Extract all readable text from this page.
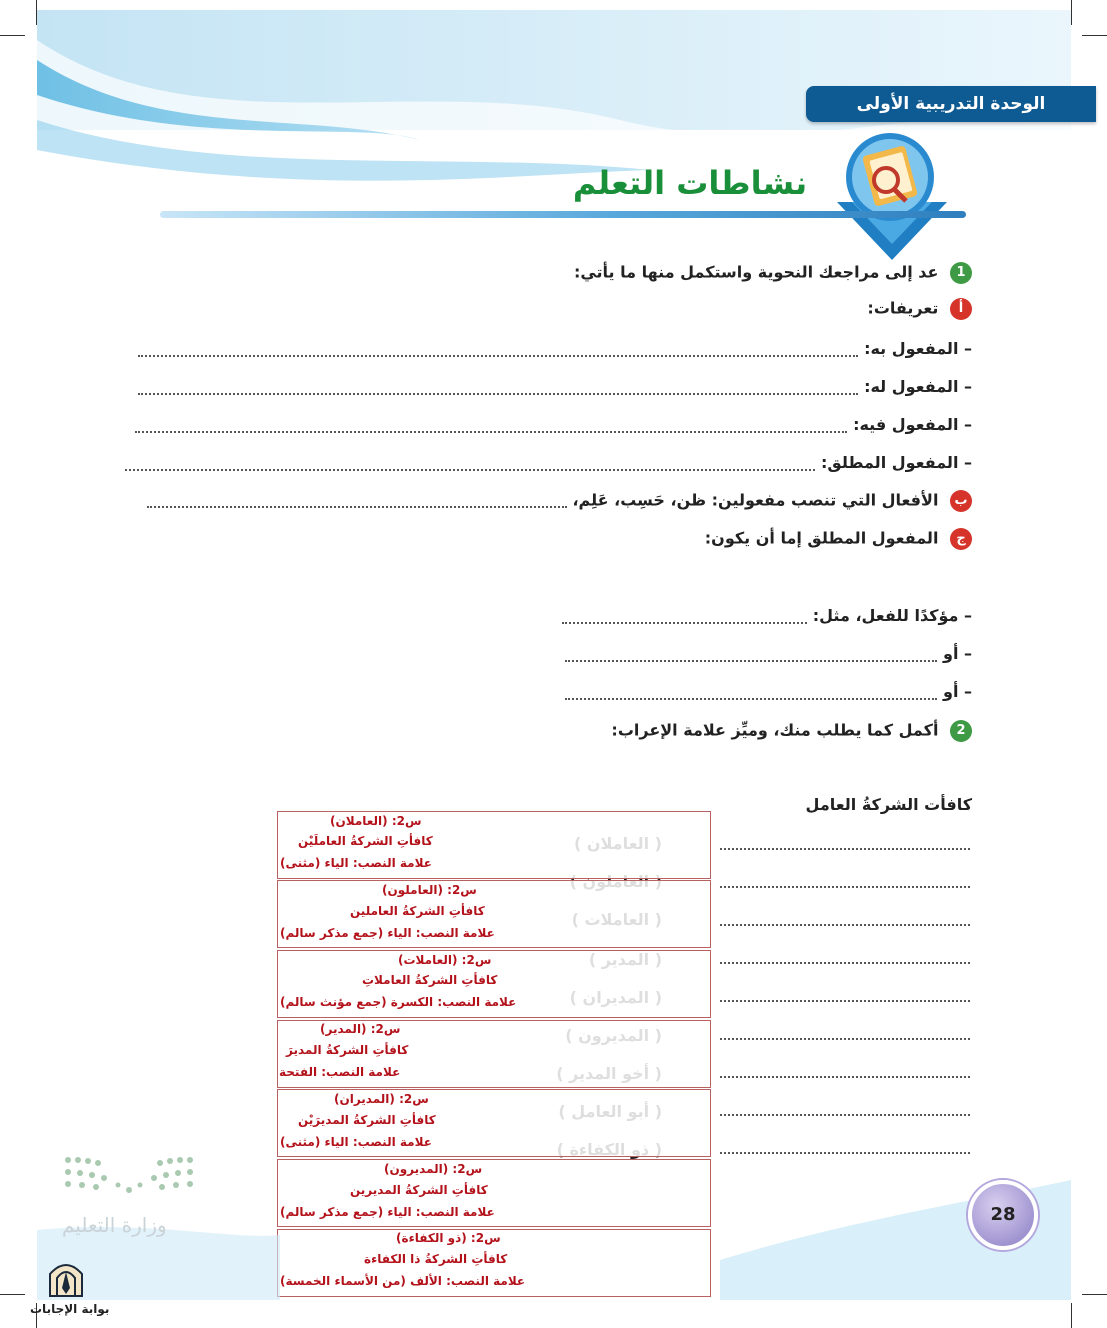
الوحدة التدريبية الأولى
نشاطات التعلم
1 عد إلى مراجعك النحوية واستكمل منها ما يأتي:
أ تعريفات:
– المفعول به:
– المفعول له:
– المفعول فيه:
– المفعول المطلق:
ب الأفعال التي تنصب مفعولين: ظن، حَسِب، عَلِم،
ج المفعول المطلق إما أن يكون:
– مؤكدًا للفعل، مثل:
– أو
– أو
2 أكمل كما يطلب منك، وميِّز علامة الإعراب:
كافأت الشركةُ العامل
س2: (العاملان)
كافأتِ الشركةُ العاملَيْن
علامة النصب: الياء (مثنى)
س2: (العاملون)
كافأتِ الشركةُ العاملين
علامة النصب: الياء (جمع مذكر سالم)
س2: (العاملات)
كافأتِ الشركةُ العاملاتِ
علامة النصب: الكسرة (جمع مؤنث سالم)
س2: (المدير)
كافأتِ الشركةُ المديرَ
علامة النصب: الفتحة
س2: (المديران)
كافأتِ الشركةُ المديرَيْن
علامة النصب: الياء (مثنى)
س2: (المديرون)
كافأتِ الشركةُ المديرين
علامة النصب: الياء (جمع مذكر سالم)
س2: (ذو الكفاءة)
كافأتِ الشركةُ ذا الكفاءة
علامة النصب: الألف (من الأسماء الخمسة)
وزارة التعليم	28
بوابة الإجابات
